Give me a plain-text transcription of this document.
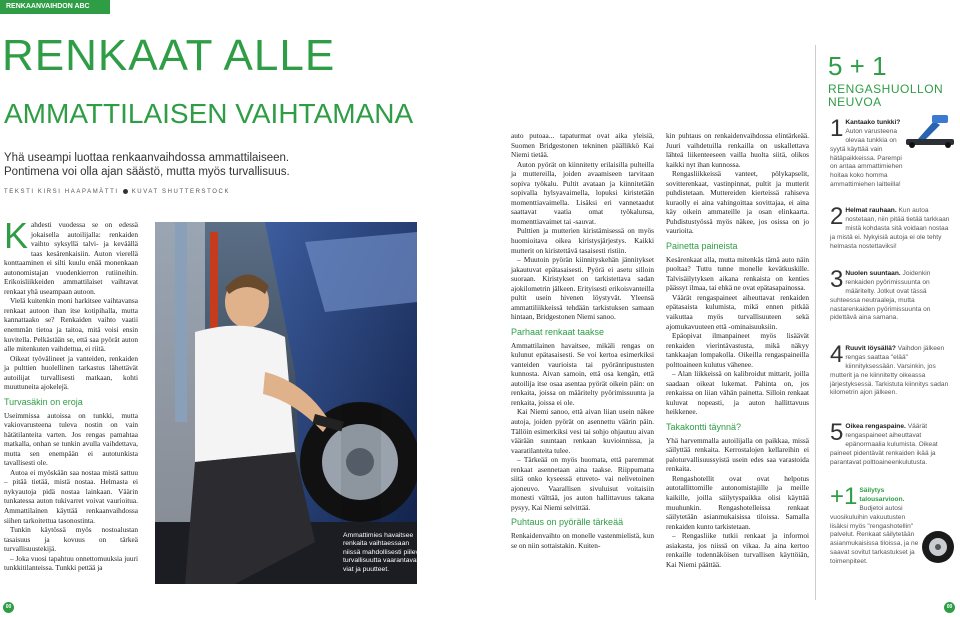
RENKAANVAIHDON ABC
RENKAAT ALLE
AMMATTILAISEN VAIHTAMANA
Yhä useampi luottaa renkaanvaihdossa ammattilaiseen. Pontimena voi olla ajan säästö, mutta myös turvallisuus.
TEKSTI KIRSI HAAPAMÄTTI KUVAT SHUTTERSTOCK

Kahdesti vuodessa se on edessä jokaisella autoilijalla: renkaiden vaihto syksyllä talvi- ja keväällä taas kesärenkaisiin. Auton vierellä konttaaminen ei silti kuulu enää monenkaan autonomistajan vuodenkierron rutiineihin. Erikoisliikkeiden ammattilaiset vaihtavat renkaat yhä useampaan autoon.

Vielä kuitenkin moni harkitsee vaihtavansa renkaat autoon ihan itse kotipihalla, mutta kannattaako se? Renkaiden vaihto vaatii enemmän tietoa ja taitoa, mitä voisi ensin kuvitella. Pelkästään se, että saa pyörät auton alle mitenkuten vaihdettua, ei riitä.

Oikeat työvälineet ja vanteiden, renkaiden ja pulttien huolellinen tarkastus lähettävät autoilijat turvallisesti matkaan, kohti muuttuneita ajokelejä.

Turvasäkin on eroja

Useimmissa autoissa on tunkki, mutta vakiovarusteena tuleva nostin on vain hätätilanteita varten. Jos rengas pamahtaa matkalla, onhan se tunkin avulla vaihdettava, mutta sen enempään ei autotunkista tavallisesti ole.

Autoa ei myöskään saa nostaa mistä sattuu – pitää tietää, mistä nostaa. Helmasta ei nykyautoja pidä nostaa lainkaan. Väärin tunkatessa auton tukivarret voivat vaurioitua. Ammattilainen käyttää renkaanvaihdossa siihen tarkoitettua tasonostinta.

Tunkin käytössä myös nostoalustan tasaisuus ja kovuus on tärkeä turvallisuustekijä.

– Joka vuosi tapahtuu onnettomuuksia juuri tunkkitilanteissa. Tunkki pettää ja

Ammattimies havaitsee renkaita vaihtaessaan niissä mahdollisesti piilevät turvallisuutta vaarantavat viat ja puutteet.

auto putoaa... tapaturmat ovat aika yleisiä, Suomen Bridgestonen tekninen päällikkö Kai Niemi tietää.

Auton pyörät on kiinnitetty erilaisilla pulteilla ja muttereilla, joiden avaamiseen tarvitaan sopiva työkalu. Pultit avataan ja kiinnitetään sopivalla hylsyavaimella, lopuksi kiristetään momenttiavaimella. Lisäksi eri vannetaadut saattavat vaatia omat työkalunsa, momenttiavaimet tai -sauvat.

Pulttien ja mutterien kiristämisessä on myös huomioitava oikea kiristysjärjestys. Kaikki mutterit on kiristettävä tasaisesti ristiin.

– Muutoin pyörän kiinnityskehän jännitykset jakautuvat epätasaisesti. Pyörä ei asetu silloin suoraan. Kiristykset on tarkistettava sadan ajokilometrin jälkeen. Erityisesti erikoisvanteilla pultit usein hivenen löystyvät. Yleensä ammattiliikkeissä tehdään tarkistuksen samaan hintaan, Bridgestonen Niemi sanoo.

Parhaat renkaat taakse

Ammattilainen havaitsee, mikäli rengas on kulunut epätasaisesti. Se voi kertoa esimerkiksi vanteiden vaurioista tai pyöränripustusten kunnosta. Aivan samoin, että osa kengän, että autoilija itse osaa asentaa pyörät oikein päin: on renkaita, joissa on määritelty pyörimissuunta ja renkaita, joissa ei ole.

Kai Niemi sanoo, että aivan liian usein näkee autoja, joiden pyörät on asennettu väärin päin. Tällöin esimerkiksi vesi tai sohjo ohjautuu aivan väärään suuntaan renkaan kuvioinnissa, ja vaaratilanteita tulee.

– Tärkeää on myös huomata, että paremmat renkaat asennetaan aina taakse. Riippumatta siitä onko kyseessä etuveto- vai nelivetoinen ajoneuvo. Vaarallisen sivuluisut voitaisiin monesti välttää, jos auton hallittavuus takana pysyy, Kai Niemi selvittää.

Puhtaus on pyörälle tärkeää

Renkaidenvaihto on monelle vastenmielistä, kun se on niin sottaistakin. Kuiten-

kin puhtaus on renkaidenvaihdossa elintärkeää. Juuri vaihdetuilla renkailla on uskallettava lähteä liikenteeseen vailla huolta siitä, olikos kaikki nyt ihan kunnossa.

Rengasliikkeissä vanteet, pölykapselit, sovitterenkaat, vastinpinnat, pultit ja mutterit puhdistetaan. Muttereiden kierteissä rahiseva kuraolly ei aina vahingoittaa sovittajaa, ei aina käy oikein ammateille ja osan elinkaarta. Puhdistustyössä myös näkee, jos osissa on jo vaurioita.

Painetta paineista

Kesärenkaat alla, mutta mitenkäs tämä auto näin puoltaa? Tuttu tunne monelle kevätkuskille. Talvisäilytyksen aikana renkaista on kenties päässyt ilmaa, tai ehkä ne ovat epätasapainossa.

Väärät rengaspaineet aiheuttavat renkaiden epätasaista kulumista, mikä ennen pitkää vaikuttaa myös turvallisuuteen sekä ajomukavuuteen että -ominaisuuksiin.

Epäopivat ilmanpaineet myös lisäävät renkaiden vierintävastusta, mikä näkyy tankkaajan lompakolla. Oikeilla rengaspaineilla polttoaineen kulutus vähenee.

– Alan liikkeissä on kalibroidut mittarit, joilla saadaan oikeat lukemat. Pahinta on, jos renkaissa on liian vähän painetta. Silloin renkaat kuluvat nopeasti, ja auton hallittavuus heikkenee.

Takakontti täynnä?

Yhä harvemmalla autoilijalla on paikkaa, missä säilyttää renkaita. Kerrostalojen kellareihin ei paloturvallisuussyistä usein edes saa varastoida renkaita.

Rengashotellit ovat ovat helpotus autotallittomille autonomistajille ja meille kaikille, joilla säilytyspaikka olisi käyttää muuhunkin. Rengashotelleissa renkaat säilytetään asianmukaisissa tiloissa. Samalla renkaiden kunto tarkistetaan.

– Rengasliike tutkii renkaat ja informoi asiakasta, jos niissä on vikaa. Ja aina kertoo renkaille todennäköisen turvallisen käyttöiän, Kai Niemi päättää.

5 + 1
RENGASHUOLLON NEUVOA
1 Kantaako tunkki? Auton varusteena olevaa tunkkia on syytä käyttää vain hätäpaikkeissa. Parempi on antaa ammattimiehen hoitaa koko homma ammattimiehen laitteilla!
2 Helmat rauhaan. Kun autoa nostetaan, niin pitää tietää tarkkaan mistä kohdasta sitä voidaan nostaa ja mistä ei. Nykyisiä autoja ei ole tehty helmasta nostettaviksi!
3 Nuolen suuntaan. Joidenkin renkaiden pyörimissuunta on määritelty. Jotkut ovat tässä suhteessa neutraaleja, mutta nastarenkaiden pyörimissuunta on pidettävä aina samana.
4 Ruuvit löysällä? Vaihdon jälkeen rengas saattaa "elää" kiinnityksessään. Varsinkin, jos mutterit ja ne kiinnitetty oikeassa järjestyksessä. Tarkistuta kiinnitys sadan kilometrin ajon jälkeen.
5 Oikea rengaspaine. Väärät rengaspaineet aiheuttavat epänormaalia kulumista. Oikeat paineet pidentävät renkaiden ikää ja parantavat polttoaineenkulutusta.
+1 Säilytys talousarvioon. Budjetoi autosi vuosikuluihin vakuutusten lisäksi myös "rengashotellin" palvelut. Renkaat säilytetään asianmukaisissa tiloissa, ja ne saavat sovitut tarkastukset ja toimenpiteet.
00	00
